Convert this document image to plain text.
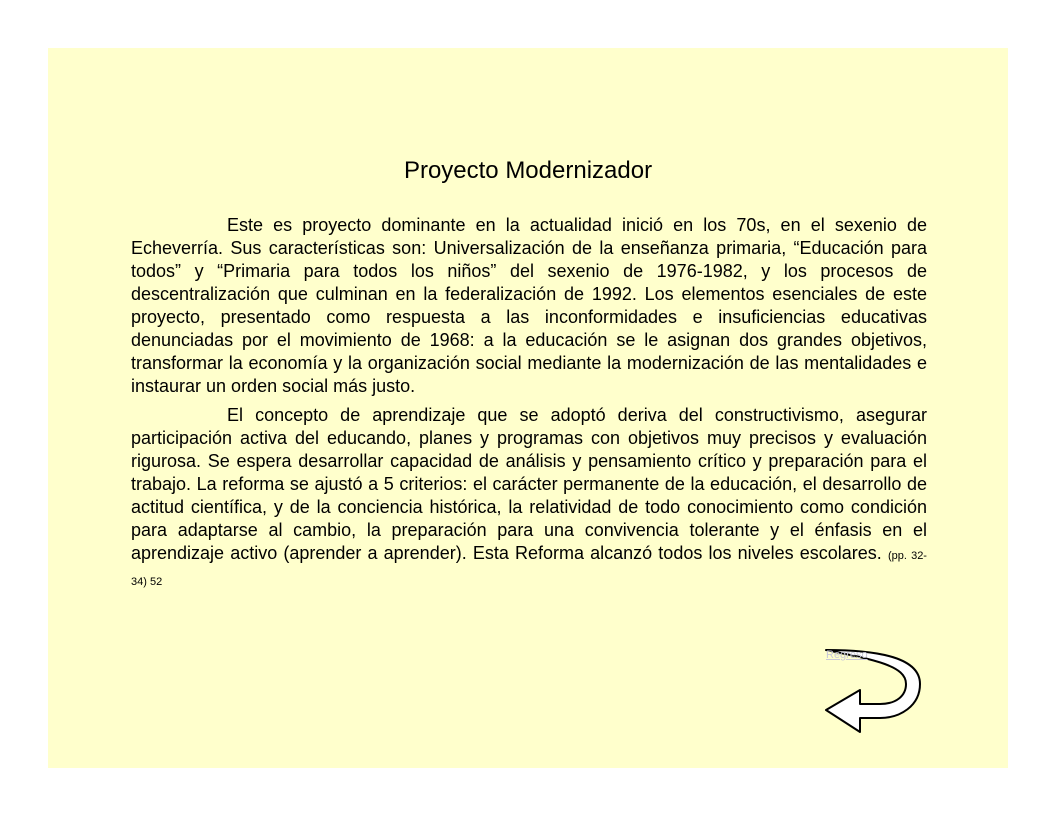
Proyecto Modernizador

Este es proyecto dominante en la actualidad inició en los 70s, en el sexenio de Echeverría. Sus características son: Universalización de la enseñanza primaria, “Educación para todos” y “Primaria para todos los niños” del sexenio de 1976-1982, y los procesos de descentralización que culminan en la federalización de 1992. Los elementos esenciales de este proyecto, presentado como respuesta a las inconformidades e insuficiencias educativas denunciadas por el movimiento de 1968: a la educación se le asignan dos grandes objetivos, transformar la economía y la organización social mediante la modernización de las mentalidades e instaurar un orden social más justo.

El concepto de aprendizaje que se adoptó deriva del constructivismo, asegurar participación activa del educando, planes y programas con objetivos muy precisos y evaluación rigurosa. Se espera desarrollar capacidad de análisis y pensamiento crítico y preparación para el trabajo. La reforma se ajustó a 5 criterios: el carácter permanente de la educación, el desarrollo de actitud científica, y de la conciencia histórica, la relatividad de todo conocimiento como condición para adaptarse al cambio, la preparación para una convivencia tolerante y el énfasis en el aprendizaje activo (aprender a aprender). Esta Reforma alcanzó todos los niveles escolares. (pp. 32-34) 52

Regreso
